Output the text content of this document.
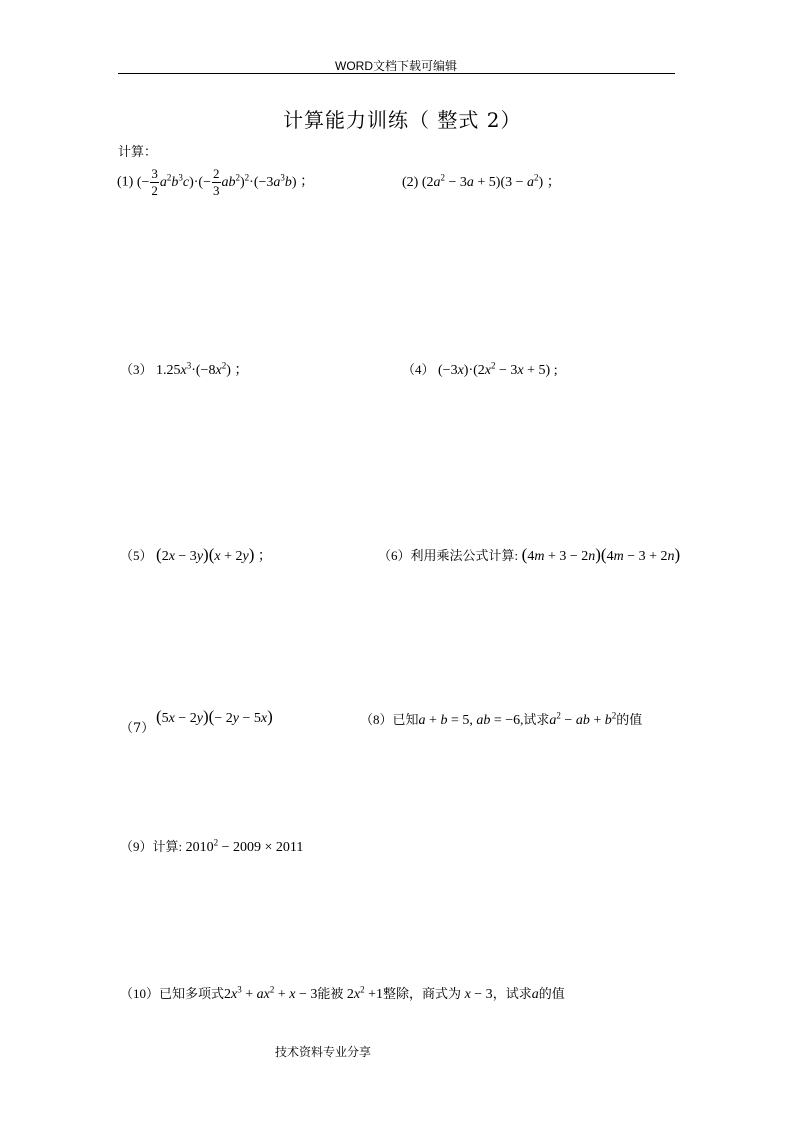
WORD文档下载可编辑
计算能力训练（ 整式 2）
计算：
(1) (− $\frac{3}{2} a^2b^3c)\cdot(- \frac{2}{3} ab^2)^2\cdot(-3a^3b)$ ；	(2) $(2a^2 - 3a + 5)(3 - a^2)$ ；
（3） $1.25x^3\cdot(-8x^2)$ ；	（4） $(-3x)\cdot(2x^2 - 3x + 5)$ ;
（5） (2x − 3y)(x + 2y) ；	（6）利用乘法公式计算: (4m + 3 − 2n)(4m − 3 + 2n)
（7）
(5x − 2y)(− 2y − 5x)	（8）已知a + b = 5, ab = −6,试求$a^2$ − ab + $b^2$的值
（9）计算: $2010^2 - 2009 \times 2011$
（10）已知多项式$2x^3 + ax^2 + x - 3$能被 $2x^2 +1$整除，商式为 x − 3，试求a的值
技术资料专业分享
